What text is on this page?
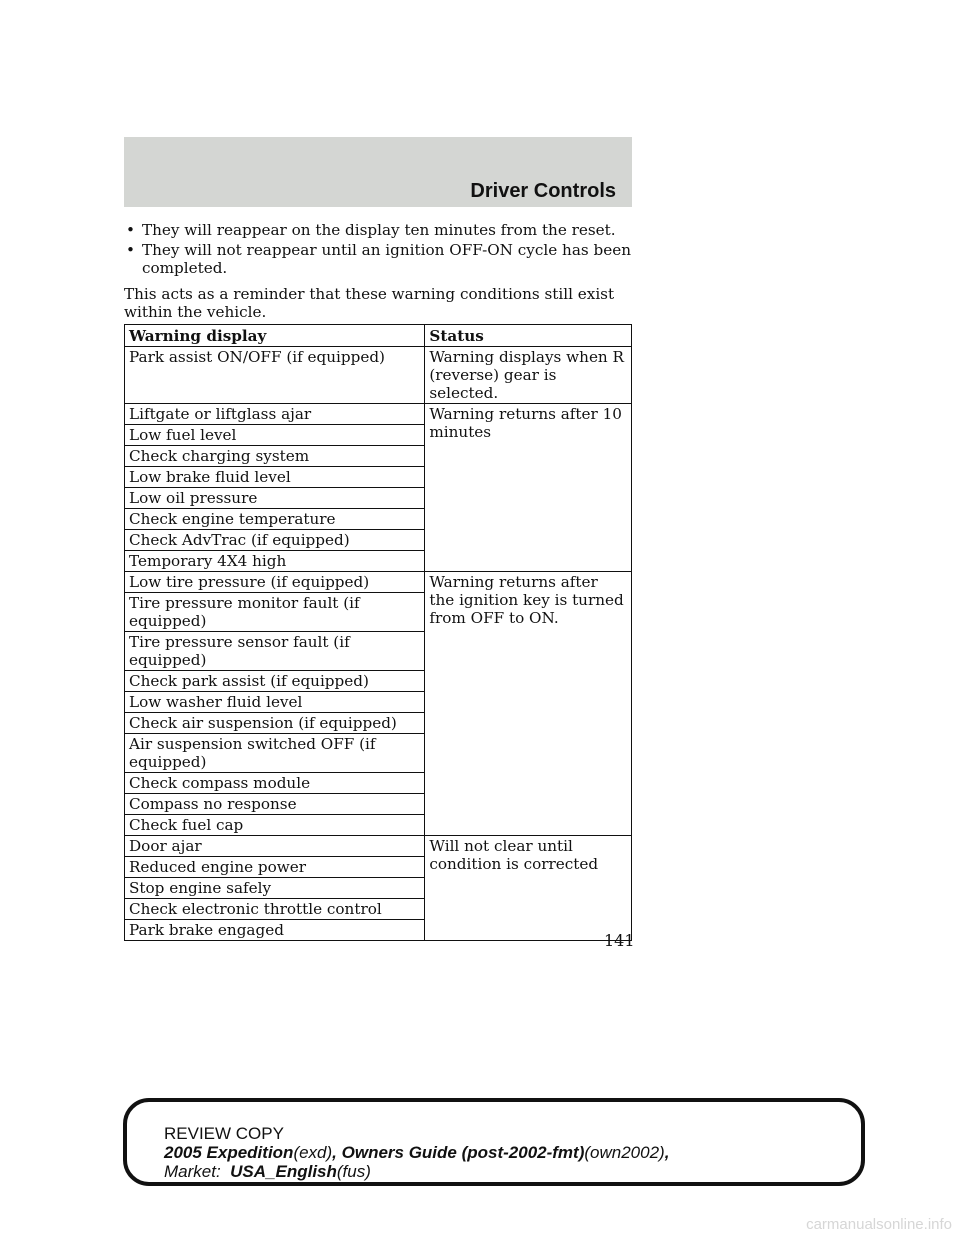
Driver Controls
• They will reappear on the display ten minutes from the reset.
• They will not reappear until an ignition OFF-ON cycle has been completed.

This acts as a reminder that these warning conditions still exist within the vehicle.

Warning display	Status
Park assist ON/OFF (if equipped)	Warning displays when R (reverse) gear is selected.
Liftgate or liftglass ajar	Warning returns after 10 minutes
Low fuel level	
Check charging system	
Low brake fluid level	
Low oil pressure	
Check engine temperature	
Check AdvTrac (if equipped)	
Temporary 4X4 high	
Low tire pressure (if equipped)	Warning returns after the ignition key is turned from OFF to ON.
Tire pressure monitor fault (if equipped)	
Tire pressure sensor fault (if equipped)	
Check park assist (if equipped)	
Low washer fluid level	
Check air suspension (if equipped)	
Air suspension switched OFF (if equipped)	
Check compass module	
Compass no response	
Check fuel cap	
Door ajar	Will not clear until condition is corrected
Reduced engine power	
Stop engine safely	
Check electronic throttle control	
Park brake engaged	
141
REVIEW COPY
2005 Expedition(exd), Owners Guide (post-2002-fmt)(own2002),
Market: USA_English(fus)
carmanualsonline.info
